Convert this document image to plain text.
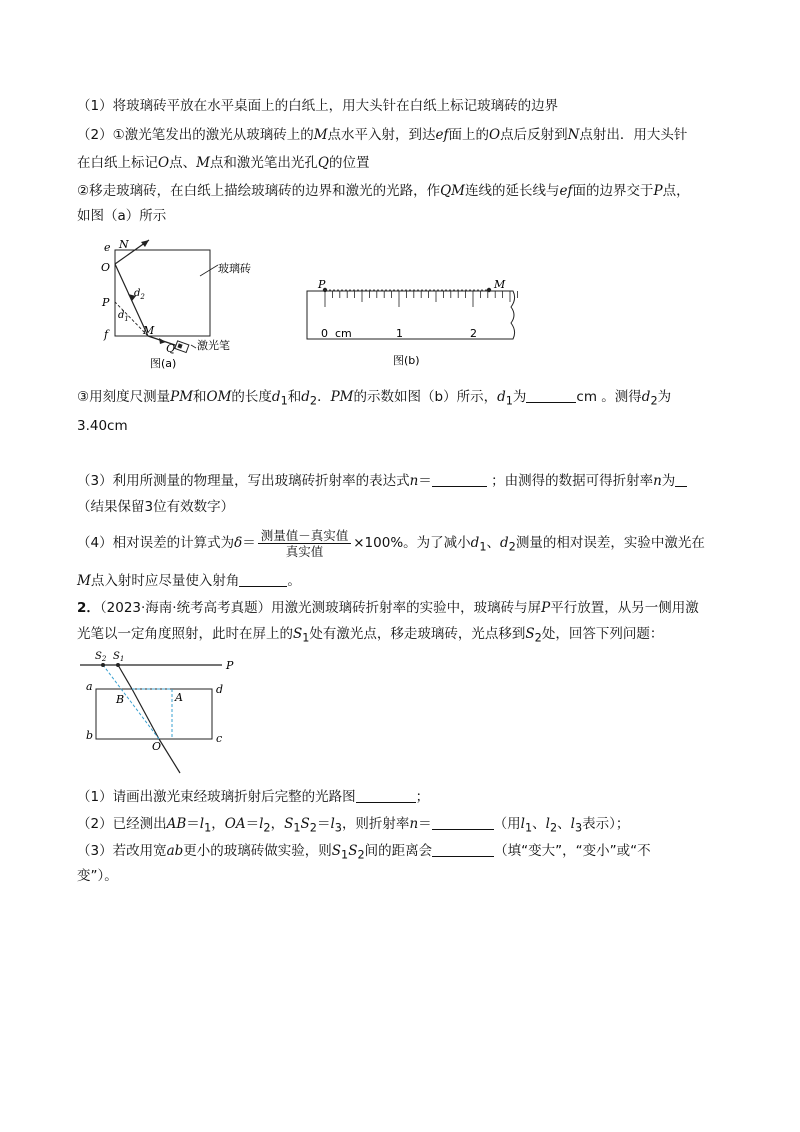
（1）将玻璃砖平放在水平桌面上的白纸上，用大头针在白纸上标记玻璃砖的边界
（2）①激光笔发出的激光从玻璃砖上的M点水平入射，到达ef面上的O点后反射到N点射出．用大头针
在白纸上标记O点、M点和激光笔出光孔Q的位置
②移走玻璃砖，在白纸上描绘玻璃砖的边界和激光的光路，作QM连线的延长线与ef面的边界交于P点，
如图（a）所示
e N
O
P
f
$d_2$
$d_1$
M
Q
玻璃砖
激光笔
图(a)
P	M
0 cm	1	2
图(b)
③用刻度尺测量PM和OM的长度$d_1$和$d_2$．PM的示数如图（b）所示，$d_1$为	cm 。测得$d_2$为
3.40cm
（3）利用所测量的物理量，写出玻璃砖折射率的表达式n＝	；由测得的数据可得折射率n为
（结果保留3位有效数字）
（4）相对误差的计算式为$\delta= \frac{\text{测量值－真实值}}{\text{真实值}} \times 100\%$。为了减小$d_1$、$d_2$测量的相对误差，实验中激光在
M点入射时应尽量使入射角	。
2．（2023·海南·统考高考真题）用激光测玻璃砖折射率的实验中，玻璃砖与屏P平行放置，从另一侧用激
光笔以一定角度照射，此时在屏上的$S_1$处有激光点，移走玻璃砖，光点移到$S_2$处，回答下列问题：
$S_2$ $S_1$	P
a	d
B	A
b	c
O
（1）请画出激光束经玻璃折射后完整的光路图	；
（2）已经测出$AB=l_1$，$OA=l_2$，$S_1S_2=l_3$，则折射率n＝	（用$l_1$、$l_2$、$l_3$表示）；
（3）若改用宽ab更小的玻璃砖做实验，则$S_1S_2$间的距离会	（填“变大”，“变小”或“不
变”）。
